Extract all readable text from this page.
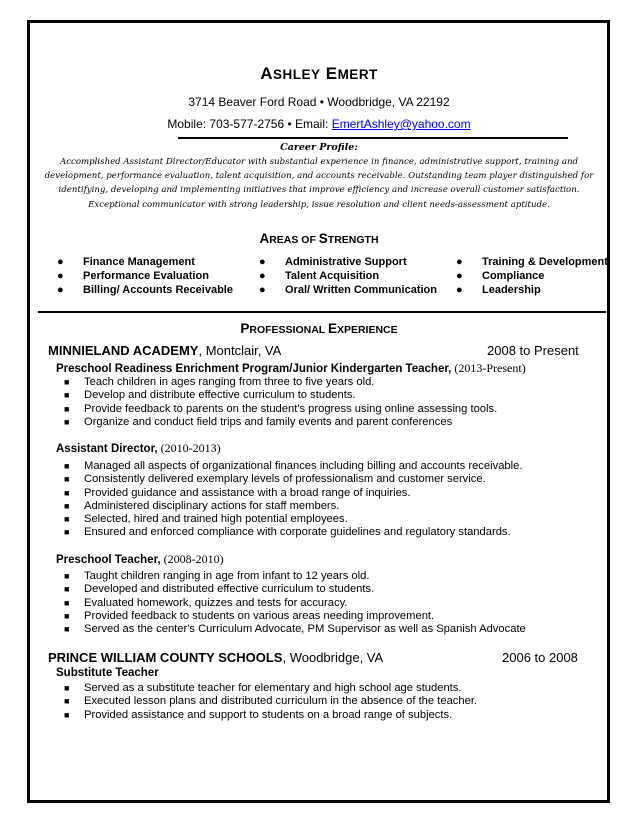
ASHLEY EMERT
3714 Beaver Ford Road • Woodbridge, VA 22192
Mobile: 703-577-2756 • Email: EmertAshley@yahoo.com
Career Profile:
Accomplished Assistant Director/Educator with substantial experience in finance, administrative support, training and development, performance evaluation, talent acquisition, and accounts receivable. Outstanding team player distinguished for identifying, developing and implementing initiatives that improve efficiency and increase overall customer satisfaction. Exceptional communicator with strong leadership, issue resolution and client needs-assessment aptitude.
AREAS OF STRENGTH
● Finance Management
● Performance Evaluation
● Billing/ Accounts Receivable
● Administrative Support
● Talent Acquisition
● Oral/ Written Communication
● Training & Development
● Compliance
● Leadership
PROFESSIONAL EXPERIENCE
MINNIELAND ACADEMY, Montclair, VA	2008 to Present
Preschool Readiness Enrichment Program/Junior Kindergarten Teacher, (2013-Present)
■ Teach children in ages ranging from three to five years old.
■ Develop and distribute effective curriculum to students.
■ Provide feedback to parents on the student's progress using online assessing tools.
■ Organize and conduct field trips and family events and parent conferences
Assistant Director, (2010-2013)
■ Managed all aspects of organizational finances including billing and accounts receivable.
■ Consistently delivered exemplary levels of professionalism and customer service.
■ Provided guidance and assistance with a broad range of inquiries.
■ Administered disciplinary actions for staff members.
■ Selected, hired and trained high potential employees.
■ Ensured and enforced compliance with corporate guidelines and regulatory standards.
Preschool Teacher, (2008-2010)
■ Taught children ranging in age from infant to 12 years old.
■ Developed and distributed effective curriculum to students.
■ Evaluated homework, quizzes and tests for accuracy.
■ Provided feedback to students on various areas needing improvement.
■ Served as the center's Curriculum Advocate, PM Supervisor as well as Spanish Advocate
PRINCE WILLIAM COUNTY SCHOOLS, Woodbridge, VA	2006 to 2008
Substitute Teacher
■ Served as a substitute teacher for elementary and high school age students.
■ Executed lesson plans and distributed curriculum in the absence of the teacher.
■ Provided assistance and support to students on a broad range of subjects.
